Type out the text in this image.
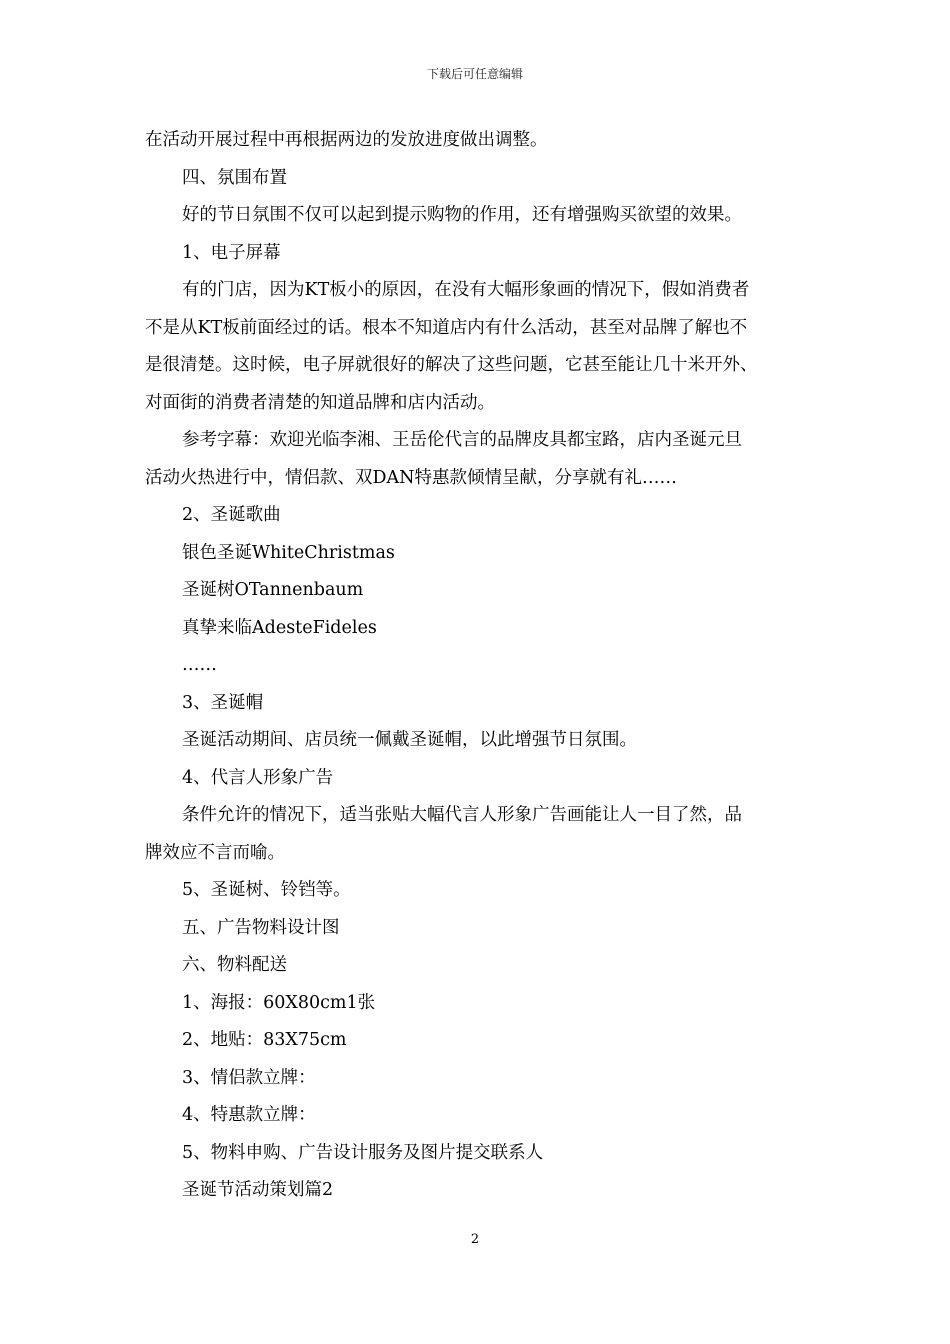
下载后可任意编辑

在活动开展过程中再根据两边的发放进度做出调整。

四、氛围布置

好的节日氛围不仅可以起到提示购物的作用，还有增强购买欲望的效果。

1、电子屏幕

有的门店，因为KT板小的原因，在没有大幅形象画的情况下，假如消费者

不是从KT板前面经过的话。根本不知道店内有什么活动，甚至对品牌了解也不

是很清楚。这时候，电子屏就很好的解决了这些问题，它甚至能让几十米开外、

对面街的消费者清楚的知道品牌和店内活动。

参考字幕：欢迎光临李湘、王岳伦代言的品牌皮具都宝路，店内圣诞元旦

活动火热进行中，情侣款、双DAN特惠款倾情呈献，分享就有礼……

2、圣诞歌曲

银色圣诞WhiteChristmas

圣诞树OTannenbaum

真挚来临AdesteFideles

……

3、圣诞帽

圣诞活动期间、店员统一佩戴圣诞帽，以此增强节日氛围。

4、代言人形象广告

条件允许的情况下，适当张贴大幅代言人形象广告画能让人一目了然，品

牌效应不言而喻。

5、圣诞树、铃铛等。

五、广告物料设计图

六、物料配送

1、海报：60X80cm1张

2、地贴：83X75cm

3、情侣款立牌：

4、特惠款立牌：

5、物料申购、广告设计服务及图片提交联系人

圣诞节活动策划篇2

2
